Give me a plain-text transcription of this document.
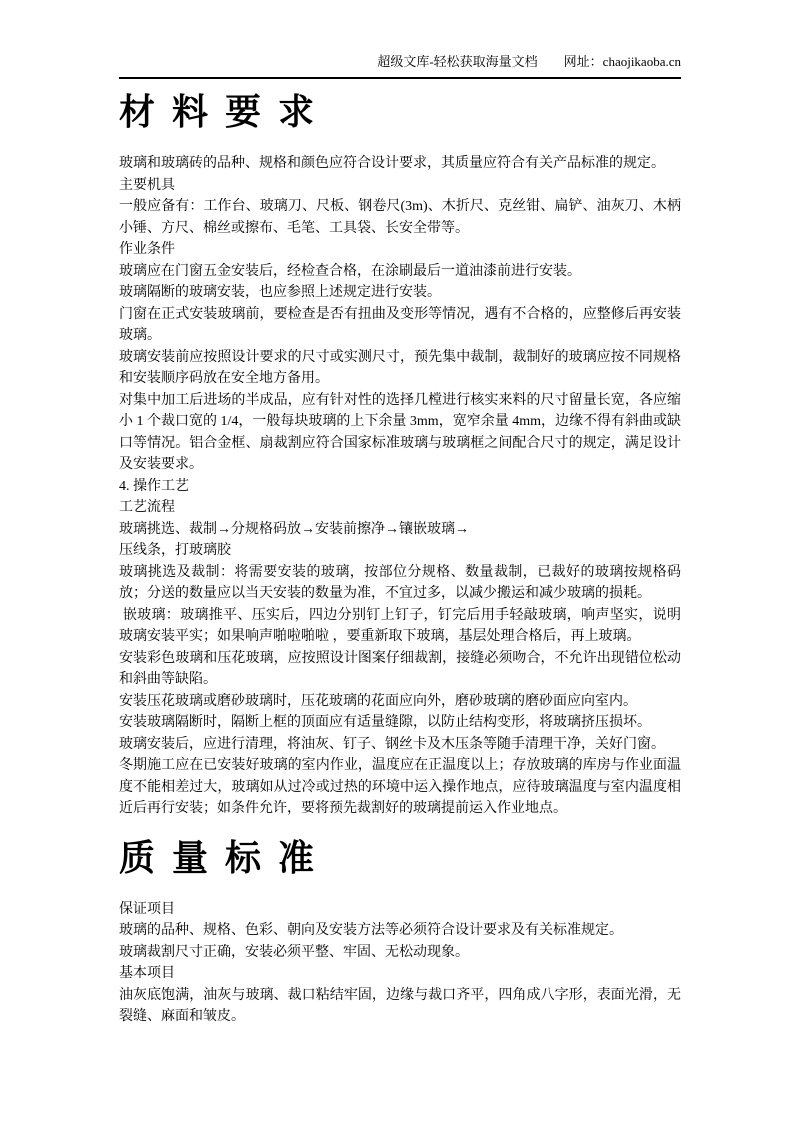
超级文库-轻松获取海量文档 网址：chaojikaoba.cn
材料要求

玻璃和玻璃砖的品种、规格和颜色应符合设计要求，其质量应符合有关产品标准的规定。

主要机具

一般应备有：工作台、玻璃刀、尺板、钢卷尺(3m)、木折尺、克丝钳、扁铲、油灰刀、木柄小锤、方尺、棉丝或擦布、毛笔、工具袋、长安全带等。

作业条件

玻璃应在门窗五金安装后，经检查合格，在涂刷最后一道油漆前进行安装。

玻璃隔断的玻璃安装，也应参照上述规定进行安装。

门窗在正式安装玻璃前，要检查是否有扭曲及变形等情况，遇有不合格的，应整修后再安装玻璃。

玻璃安装前应按照设计要求的尺寸或实测尺寸，预先集中裁制，裁制好的玻璃应按不同规格和安装顺序码放在安全地方备用。

对集中加工后进场的半成品，应有针对性的选择几樘进行核实来料的尺寸留量长宽，各应缩小 1 个裁口宽的 1/4，一般每块玻璃的上下余量 3mm，宽窄余量 4mm，边缘不得有斜曲或缺口等情况。铝合金框、扇裁割应符合国家标准玻璃与玻璃框之间配合尺寸的规定，满足设计及安装要求。

4. 操作工艺

工艺流程

玻璃挑选、裁制→分规格码放→安装前擦净→镶嵌玻璃→

压线条，打玻璃胶

玻璃挑选及裁制：将需要安装的玻璃，按部位分规格、数量裁制，已裁好的玻璃按规格码放；分送的数量应以当天安装的数量为准，不宜过多，以减少搬运和减少玻璃的损耗。

嵌玻璃：玻璃推平、压实后，四边分别钉上钉子，钉完后用手轻敲玻璃，响声坚实，说明玻璃安装平实；如果响声啪啦啪啦 ，要重新取下玻璃，基层处理合格后，再上玻璃。

安装彩色玻璃和压花玻璃，应按照设计图案仔细裁割，接缝必须吻合，不允许出现错位松动和斜曲等缺陷。

安装压花玻璃或磨砂玻璃时，压花玻璃的花面应向外，磨砂玻璃的磨砂面应向室内。

安装玻璃隔断时，隔断上框的顶面应有适量缝隙，以防止结构变形，将玻璃挤压损坏。

玻璃安装后，应进行清理，将油灰、钉子、钢丝卡及木压条等随手清理干净，关好门窗。

冬期施工应在已安装好玻璃的室内作业，温度应在正温度以上；存放玻璃的库房与作业面温度不能相差过大，玻璃如从过冷或过热的环境中运入操作地点，应待玻璃温度与室内温度相近后再行安装；如条件允许，要将预先裁割好的玻璃提前运入作业地点。

质量标准

保证项目

玻璃的品种、规格、色彩、朝向及安装方法等必须符合设计要求及有关标准规定。

玻璃裁割尺寸正确，安装必须平整、牢固、无松动现象。

基本项目

油灰底饱满，油灰与玻璃、裁口粘结牢固，边缘与裁口齐平，四角成八字形，表面光滑，无裂缝、麻面和皱皮。
